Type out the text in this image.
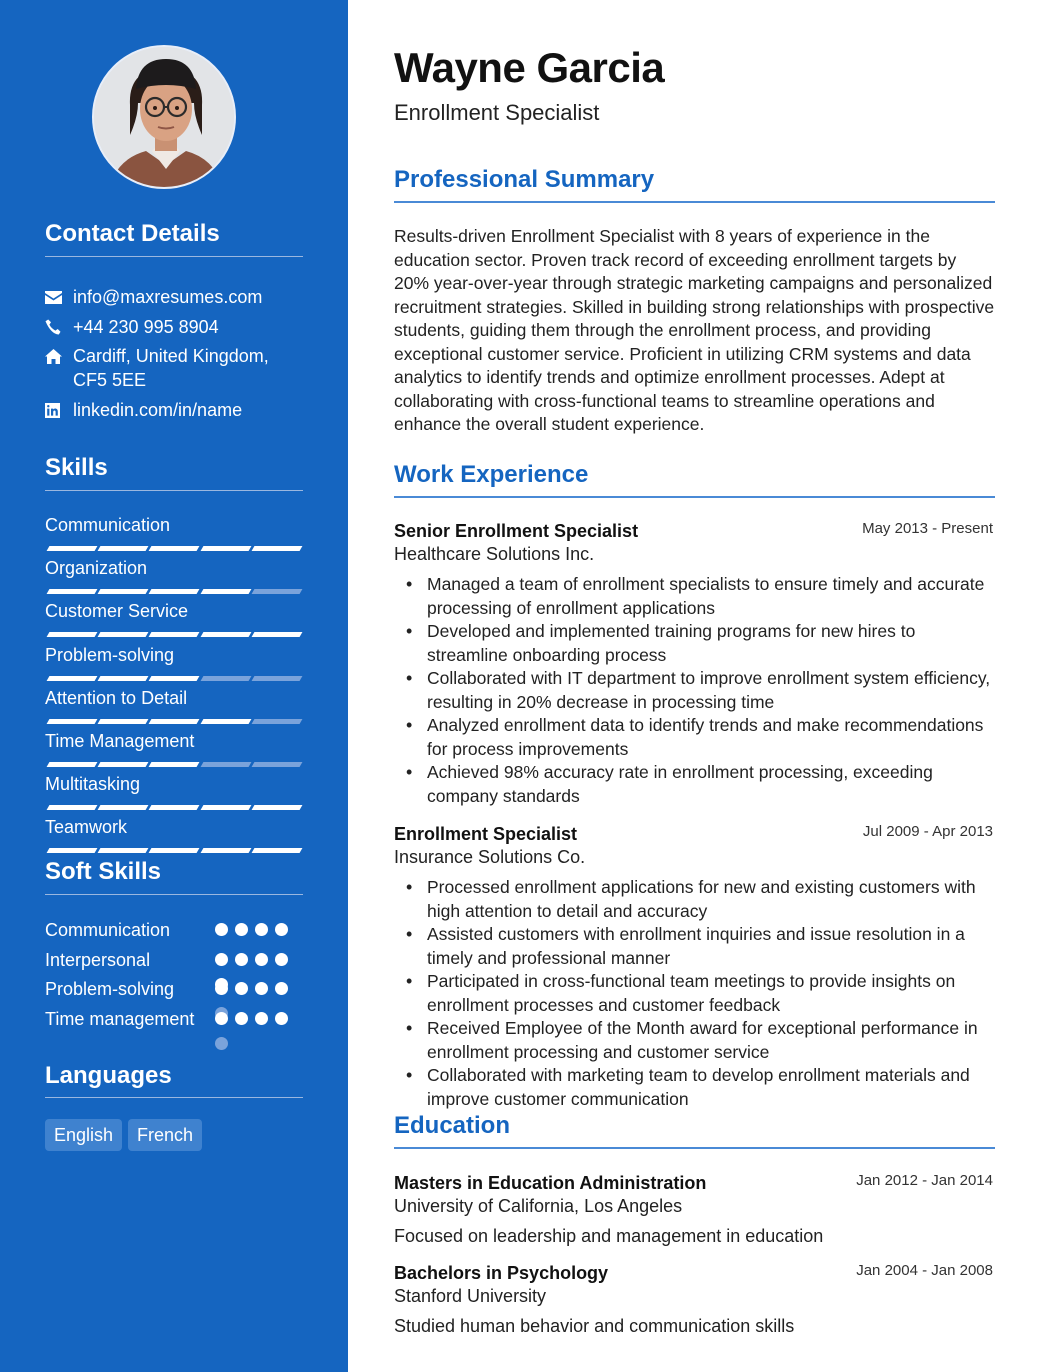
Contact Details
info@maxresumes.com
+44 230 995 8904
Cardiff, United Kingdom, CF5 5EE
linkedin.com/in/name
Skills
Communication
Organization
Customer Service
Problem-solving
Attention to Detail
Time Management
Multitasking
Teamwork
Soft Skills
Communication
Interpersonal
Problem-solving
Time management
Languages
English	French
Wayne Garcia
Enrollment Specialist
Professional Summary
Results-driven Enrollment Specialist with 8 years of experience in the education sector. Proven track record of exceeding enrollment targets by 20% year-over-year through strategic marketing campaigns and personalized recruitment strategies. Skilled in building strong relationships with prospective students, guiding them through the enrollment process, and providing exceptional customer service. Proficient in utilizing CRM systems and data analytics to identify trends and optimize enrollment processes. Adept at collaborating with cross-functional teams to streamline operations and enhance the overall student experience.
Work Experience
Senior Enrollment Specialist	May 2013 - Present
Healthcare Solutions Inc.
• Managed a team of enrollment specialists to ensure timely and accurate processing of enrollment applications
• Developed and implemented training programs for new hires to streamline onboarding process
• Collaborated with IT department to improve enrollment system efficiency, resulting in 20% decrease in processing time
• Analyzed enrollment data to identify trends and make recommendations for process improvements
• Achieved 98% accuracy rate in enrollment processing, exceeding company standards
Enrollment Specialist	Jul 2009 - Apr 2013
Insurance Solutions Co.
• Processed enrollment applications for new and existing customers with high attention to detail and accuracy
• Assisted customers with enrollment inquiries and issue resolution in a timely and professional manner
• Participated in cross-functional team meetings to provide insights on enrollment processes and customer feedback
• Received Employee of the Month award for exceptional performance in enrollment processing and customer service
• Collaborated with marketing team to develop enrollment materials and improve customer communication
Education
Masters in Education Administration	Jan 2012 - Jan 2014
University of California, Los Angeles
Focused on leadership and management in education
Bachelors in Psychology	Jan 2004 - Jan 2008
Stanford University
Studied human behavior and communication skills
